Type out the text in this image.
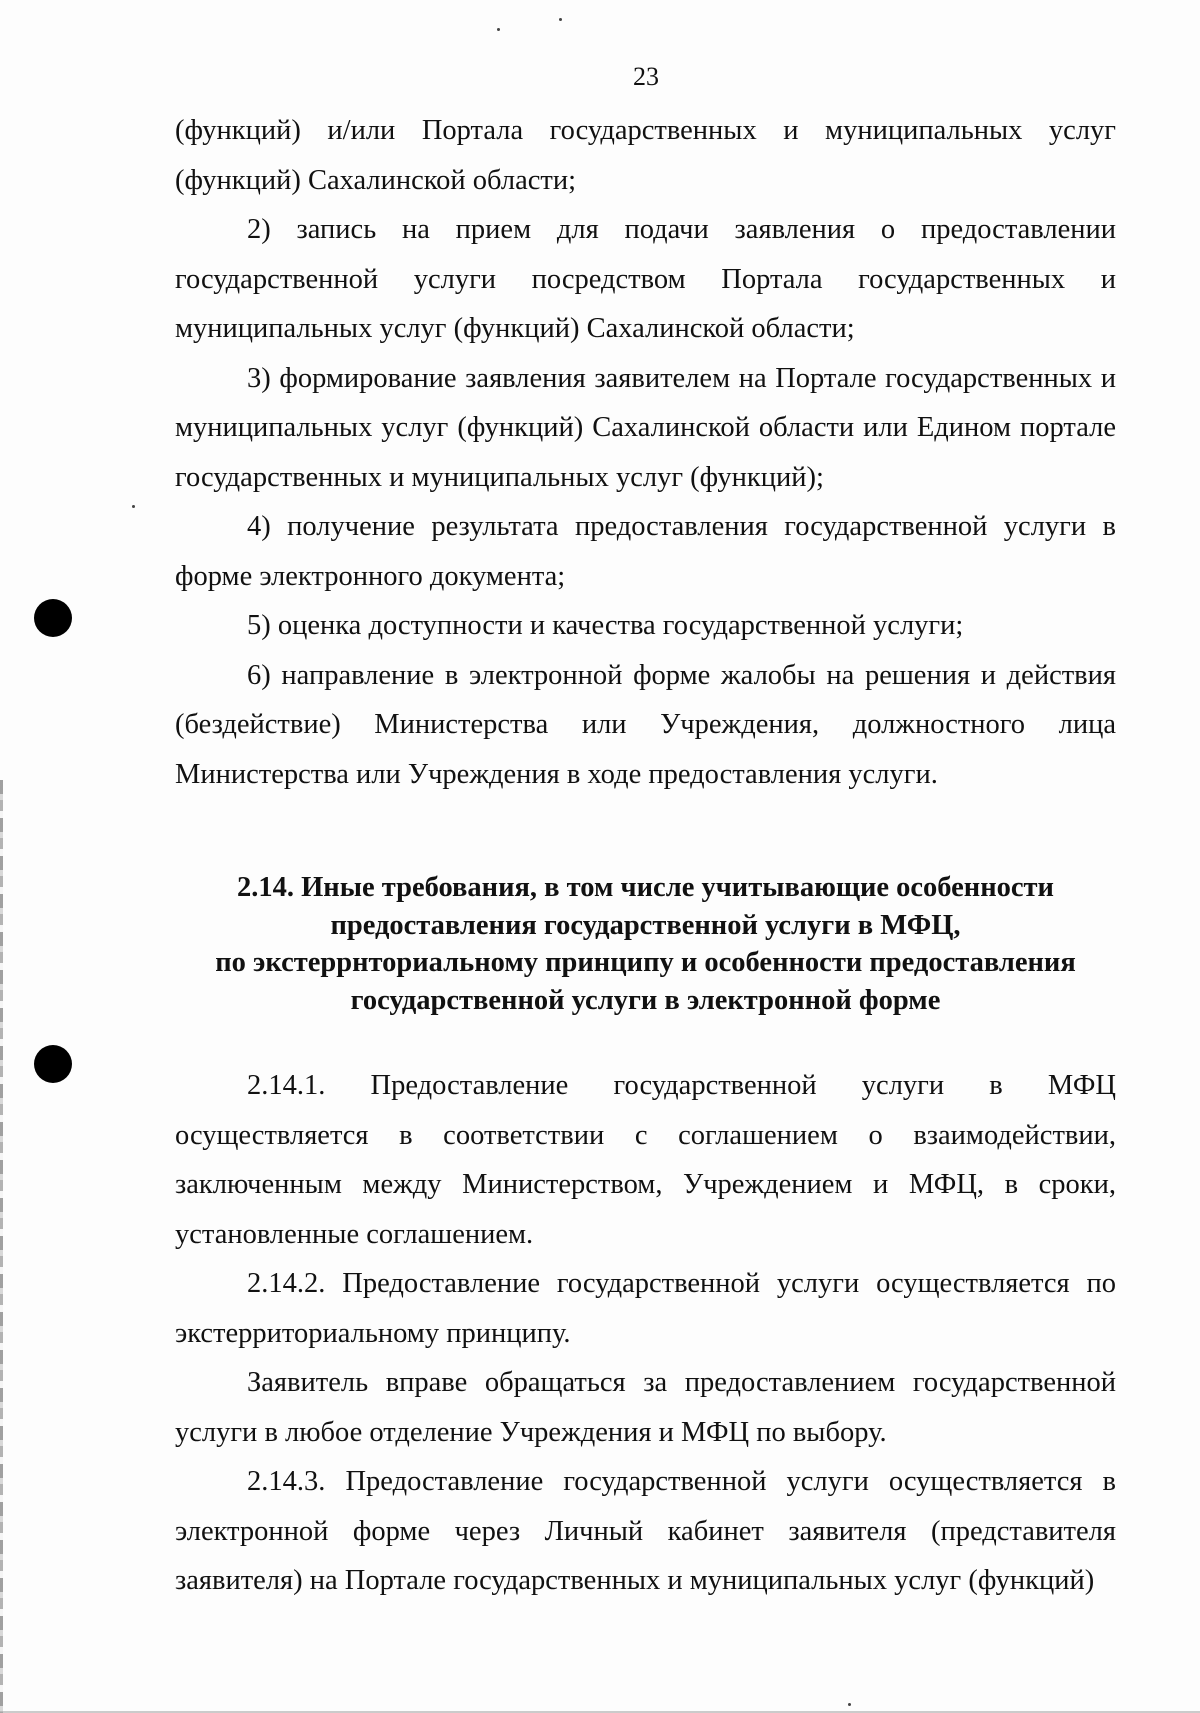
23

(функций) и/или Портала государственных и муниципальных услуг (функций) Сахалинской области;

2) запись на прием для подачи заявления о предоставлении государственной услуги посредством Портала государственных и муниципальных услуг (функций) Сахалинской области;

3) формирование заявления заявителем на Портале государственных и муниципальных услуг (функций) Сахалинской области или Едином портале государственных и муниципальных услуг (функций);

4) получение результата предоставления государственной услуги в форме электронного документа;

5) оценка доступности и качества государственной услуги;

6) направление в электронной форме жалобы на решения и действия (бездействие) Министерства или Учреждения, должностного лица Министерства или Учреждения в ходе предоставления услуги.

2.14. Иные требования, в том числе учитывающие особенности
предоставления государственной услуги в МФЦ,
по экстеррнториальному принципу и особенности предоставления
государственной услуги в электронной форме

2.14.1. Предоставление государственной услуги в МФЦ осуществляется в соответствии с соглашением о взаимодействии, заключенным между Министерством, Учреждением и МФЦ, в сроки, установленные соглашением.

2.14.2. Предоставление государственной услуги осуществляется по экстерриториальному принципу.

Заявитель вправе обращаться за предоставлением государственной услуги в любое отделение Учреждения и МФЦ по выбору.

2.14.3. Предоставление государственной услуги осуществляется в электронной форме через Личный кабинет заявителя (представителя заявителя) на Портале государственных и муниципальных услуг (функций)
